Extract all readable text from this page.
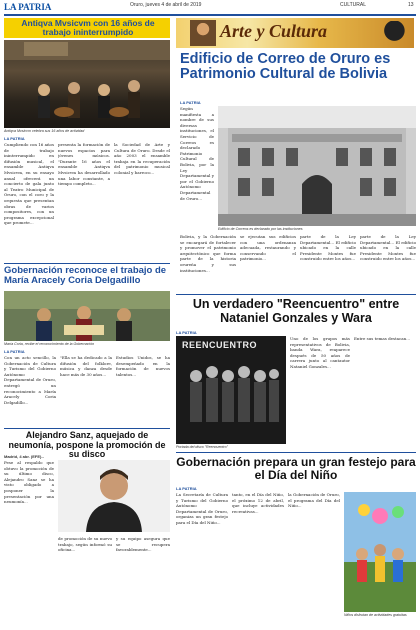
LA PATRIA	Oruro, jueves 4 de abril de 2019	CULTURAL	13
Arte y Cultura
Antiqva Mvsicvm con 16 años de trabajo ininterrumpido
Antiqva Mvsicvm celebra sus 16 años de actividad
LA PATRIA
Cumpliendo con 16 años de trabajo ininterrumpido en difusión musical, el ensamble Antiqva Mvsicvm, en su ensayo anual ofrecerá un concierto de gala junto al Teatro Municipal de Oruro, con el coro y la orquesta que presentan obras de varios compositores, con un programa excepcional que promete...
presenta la formación de nuevos espacios para jóvenes músicos. "Durante 16 años el ensamble Antiqva Mvsicvm ha desarrollado una labor constante, a tiempo completo...
la Sociedad de Arte y Cultura de Oruro. Desde el año 2003 el ensamble trabaja en la recuperación del patrimonio musical colonial y barroco...
Edificio de Correo de Oruro es Patrimonio Cultural de Bolivia
LA PATRIA
Según manifiesta a nombre de sus diversas instituciones, el Servicio de Correos es declarado Patrimonio Cultural de Bolivia, por la Ley Departamental y por el Gobierno Autónomo Departamental de Oruro...
Edificio de Correos es declarado por las instituciones
Bolivia, y la Gobernación se encargará de fortalecer y promover el patrimonio arquitectónico que forma parte de la historia orureña y sus instituciones...
se ejecutan sus edificios con una ordenanza adecuada, restaurando y conservando el patrimonio...
parte de la Ley Departamental... El edificio ubicado en la calle Presidente Montes fue construido entre los años...
parte de la Ley Departamental... El edificio ubicado en la calle Presidente Montes fue construido entre los años...
Gobernación reconoce el trabajo de María Aracely Coria Delgadillo
María Coria, recibe el reconocimiento de la Gobernación
LA PATRIA
Con un acto sencillo, la Gobernación de Cultura y Turismo del Gobierno Autónomo Departamental de Oruro, entregó un reconocimiento a María Aracely Coria Delgadillo...
"Ella se ha dedicado a la difusión del folklore, música y danza desde hace más de 30 años...
Estudios Unidos, se ha desempeñado en la formación de nuevos talentos...
Un verdadero "Reencuentro" entre Nataniel Gonzales y Wara
LA PATRIA
REENCUENTRO
Portada del disco "Reencuentro"
Uno de los grupos más representativos de Bolivia, banda Wara, reaparece después de 50 años de carrera junto al cantautor Nataniel Gonzales...
Entre sus temas destacan...
Alejandro Sanz, aquejado de neumonía, pospone la promoción de su disco
Madrid, 4 abr. (EFE).-
Pese al respaldo que obtuvo la promoción de su último disco, Alejandro Sanz se ha visto obligado a posponer la presentación por una neumonía...
de promoción de su nuevo trabajo, según informó su oficina...
y su equipo asegura que se recupera favorablemente...
Gobernación prepara un gran festejo para el Día del Niño
LA PATRIA
La Secretaría de Cultura y Turismo del Gobierno Autónomo Departamental de Oruro, organiza un gran festejo para el Día del Niño...
tanto, en el Día del Niño, el próximo 12 de abril, que incluye actividades recreativas...
la Gobernación de Oruro, el programa del Día del Niño...
Niños disfrutan de actividades gratuitas
